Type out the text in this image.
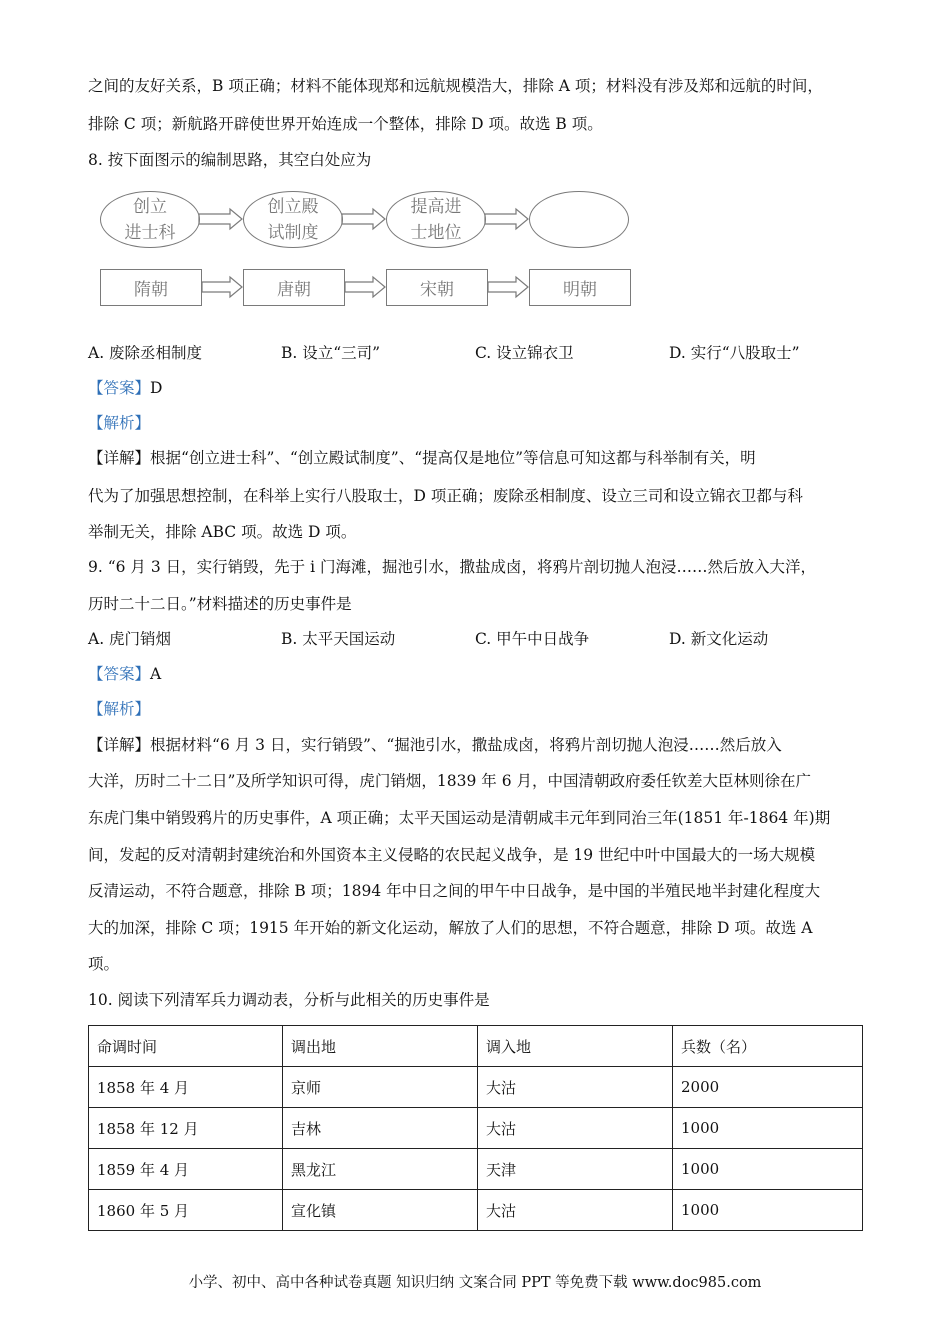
之间的友好关系，B 项正确；材料不能体现郑和远航规模浩大，排除 A 项；材料没有涉及郑和远航的时间，
排除 C 项；新航路开辟使世界开始连成一个整体，排除 D 项。故选 B 项。
8. 按下面图示的编制思路，其空白处应为
创立
进士科
创立殿
试制度
提高进
士地位
隋朝	唐朝	宋朝	明朝
A. 废除丞相制度	B. 设立“三司”	C. 设立锦衣卫	D. 实行“八股取士”
【答案】D
【解析】
【详解】根据“创立进士科”、“创立殿试制度”、“提高仅是地位”等信息可知这都与科举制有关，明
代为了加强思想控制，在科举上实行八股取士，D 项正确；废除丞相制度、设立三司和设立锦衣卫都与科
举制无关，排除 ABC 项。故选 D 项。
9. “6 月 3 日，实行销毁，先于 i 门海滩，掘池引水，撒盐成卤，将鸦片剖切抛人泡浸……然后放入大洋，
历时二十二日。”材料描述的历史事件是
A. 虎门销烟	B. 太平天国运动	C. 甲午中日战争	D. 新文化运动
【答案】A
【解析】
【详解】根据材料“6 月 3 日，实行销毁”、“掘池引水，撒盐成卤，将鸦片剖切抛人泡浸……然后放入
大洋，历时二十二日”及所学知识可得，虎门销烟，1839 年 6 月，中国清朝政府委任钦差大臣林则徐在广
东虎门集中销毁鸦片的历史事件，A 项正确；太平天国运动是清朝咸丰元年到同治三年(1851 年-1864 年)期
间，发起的反对清朝封建统治和外国资本主义侵略的农民起义战争，是 19 世纪中叶中国最大的一场大规模
反清运动，不符合题意，排除 B 项；1894 年中日之间的甲午中日战争，是中国的半殖民地半封建化程度大
大的加深，排除 C 项；1915 年开始的新文化运动，解放了人们的思想，不符合题意，排除 D 项。故选 A
项。
10. 阅读下列清军兵力调动表，分析与此相关的历史事件是
命调时间	调出地	调入地	兵数（名）
1858 年 4 月	京师	大沽	2000
1858 年 12 月	吉林	大沽	1000
1859 年 4 月	黑龙江	天津	1000
1860 年 5 月	宣化镇	大沽	1000
小学、初中、高中各种试卷真题 知识归纳 文案合同 PPT 等免费下载 www.doc985.com
